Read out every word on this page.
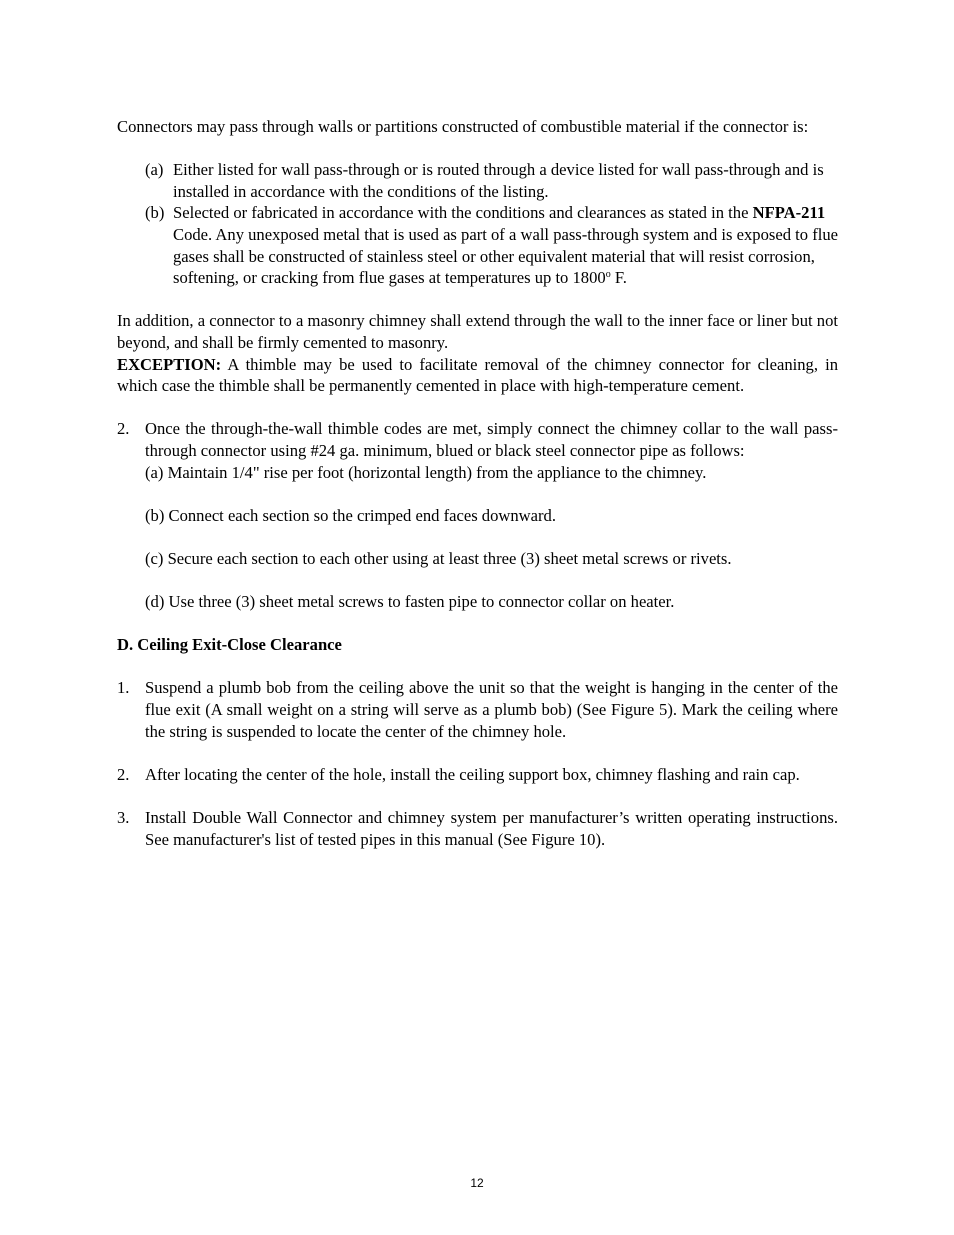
Connectors may pass through walls or partitions constructed of combustible material if the connector is:

(a) Either listed for wall pass-through or is routed through a device listed for wall pass-through and is installed in accordance with the conditions of the listing.
(b) Selected or fabricated in accordance with the conditions and clearances as stated in the NFPA-211 Code. Any unexposed metal that is used as part of a wall pass-through system and is exposed to flue gases shall be constructed of stainless steel or other equivalent material that will resist corrosion, softening, or cracking from flue gases at temperatures up to 1800$^o$ F.

In addition, a connector to a masonry chimney shall extend through the wall to the inner face or liner but not beyond, and shall be firmly cemented to masonry.
EXCEPTION: A thimble may be used to facilitate removal of the chimney connector for cleaning, in which case the thimble shall be permanently cemented in place with high-temperature cement.

2. Once the through-the-wall thimble codes are met, simply connect the chimney collar to the wall pass-through connector using #24 ga. minimum, blued or black steel connector pipe as follows:

(a) Maintain 1/4" rise per foot (horizontal length) from the appliance to the chimney.

(b) Connect each section so the crimped end faces downward.

(c) Secure each section to each other using at least three (3) sheet metal screws or rivets.

(d) Use three (3) sheet metal screws to fasten pipe to connector collar on heater.

D. Ceiling Exit-Close Clearance

1. Suspend a plumb bob from the ceiling above the unit so that the weight is hanging in the center of the flue exit (A small weight on a string will serve as a plumb bob) (See Figure 5). Mark the ceiling where the string is suspended to locate the center of the chimney hole.
2. After locating the center of the hole, install the ceiling support box, chimney flashing and rain cap.
3. Install Double Wall Connector and chimney system per manufacturer’s written operating instructions. See manufacturer's list of tested pipes in this manual (See Figure 10).
12
